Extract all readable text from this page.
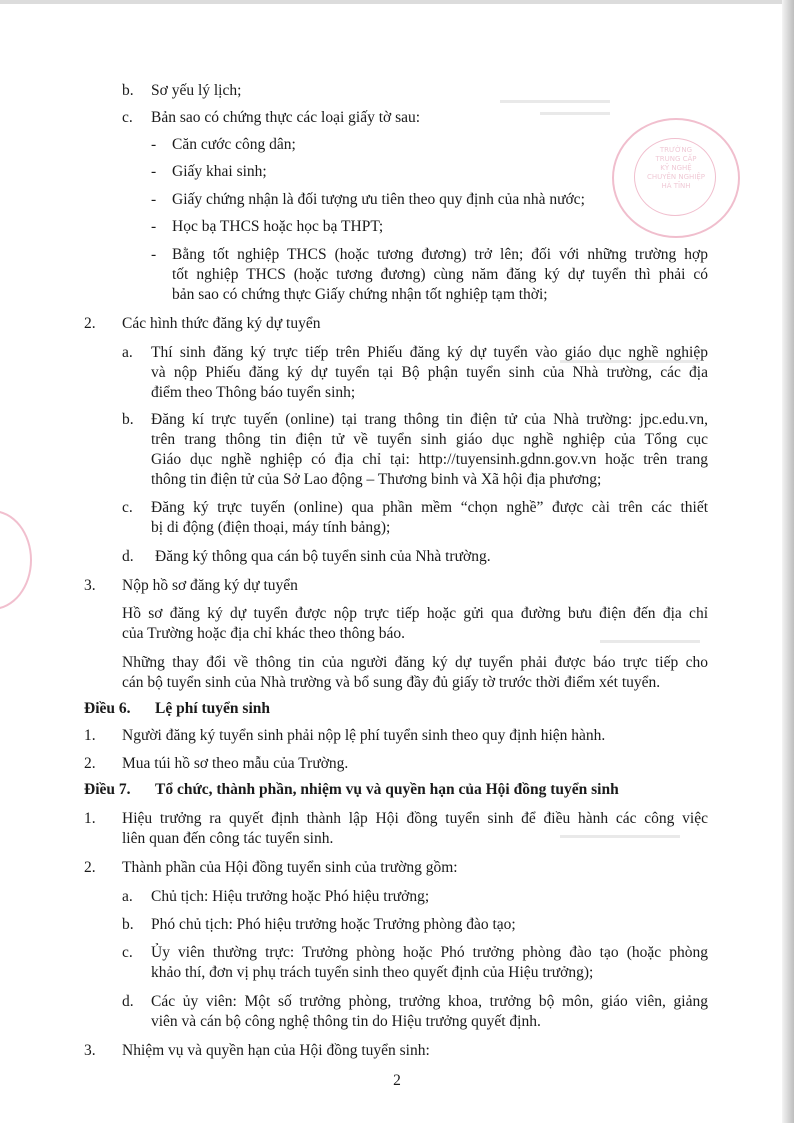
TRƯỜNG
TRUNG CẤP
KỸ NGHỆ
CHUYÊN NGHIỆP
HÀ TĨNH
b. Sơ yếu lý lịch;
c. Bản sao có chứng thực các loại giấy tờ sau:
- Căn cước công dân;
- Giấy khai sinh;
- Giấy chứng nhận là đối tượng ưu tiên theo quy định của nhà nước;
- Học bạ THCS hoặc học bạ THPT;
- Bằng tốt nghiệp THCS (hoặc tương đương) trở lên; đối với những trường hợp
tốt nghiệp THCS (hoặc tương đương) cùng năm đăng ký dự tuyển thì phải có
bản sao có chứng thực Giấy chứng nhận tốt nghiệp tạm thời;
2. Các hình thức đăng ký dự tuyển
a. Thí sinh đăng ký trực tiếp trên Phiếu đăng ký dự tuyển vào giáo dục nghề nghiệp
và nộp Phiếu đăng ký dự tuyển tại Bộ phận tuyển sinh của Nhà trường, các địa
điểm theo Thông báo tuyển sinh;
b. Đăng kí trực tuyến (online) tại trang thông tin điện tử của Nhà trường: jpc.edu.vn,
trên trang thông tin điện tử về tuyển sinh giáo dục nghề nghiệp của Tổng cục
Giáo dục nghề nghiệp có địa chỉ tại: http://tuyensinh.gdnn.gov.vn hoặc trên trang
thông tin điện tử của Sở Lao động – Thương binh và Xã hội địa phương;
c. Đăng ký trực tuyến (online) qua phần mềm “chọn nghề” được cài trên các thiết
bị di động (điện thoại, máy tính bảng);
d. Đăng ký thông qua cán bộ tuyển sinh của Nhà trường.
3. Nộp hồ sơ đăng ký dự tuyển
Hồ sơ đăng ký dự tuyển được nộp trực tiếp hoặc gửi qua đường bưu điện đến địa chỉ
của Trường hoặc địa chỉ khác theo thông báo.
Những thay đổi về thông tin của người đăng ký dự tuyển phải được báo trực tiếp cho
cán bộ tuyển sinh của Nhà trường và bổ sung đầy đủ giấy tờ trước thời điểm xét tuyển.
Điều 6. Lệ phí tuyển sinh
1. Người đăng ký tuyển sinh phải nộp lệ phí tuyển sinh theo quy định hiện hành.
2. Mua túi hồ sơ theo mẫu của Trường.
Điều 7. Tổ chức, thành phần, nhiệm vụ và quyền hạn của Hội đồng tuyển sinh
1. Hiệu trưởng ra quyết định thành lập Hội đồng tuyển sinh để điều hành các công việc
liên quan đến công tác tuyển sinh.
2. Thành phần của Hội đồng tuyển sinh của trường gồm:
a. Chủ tịch: Hiệu trưởng hoặc Phó hiệu trưởng;
b. Phó chủ tịch: Phó hiệu trưởng hoặc Trưởng phòng đào tạo;
c. Ủy viên thường trực: Trưởng phòng hoặc Phó trưởng phòng đào tạo (hoặc phòng
khảo thí, đơn vị phụ trách tuyển sinh theo quyết định của Hiệu trưởng);
d. Các ủy viên: Một số trưởng phòng, trưởng khoa, trưởng bộ môn, giáo viên, giảng
viên và cán bộ công nghệ thông tin do Hiệu trưởng quyết định.
3. Nhiệm vụ và quyền hạn của Hội đồng tuyển sinh:
2
